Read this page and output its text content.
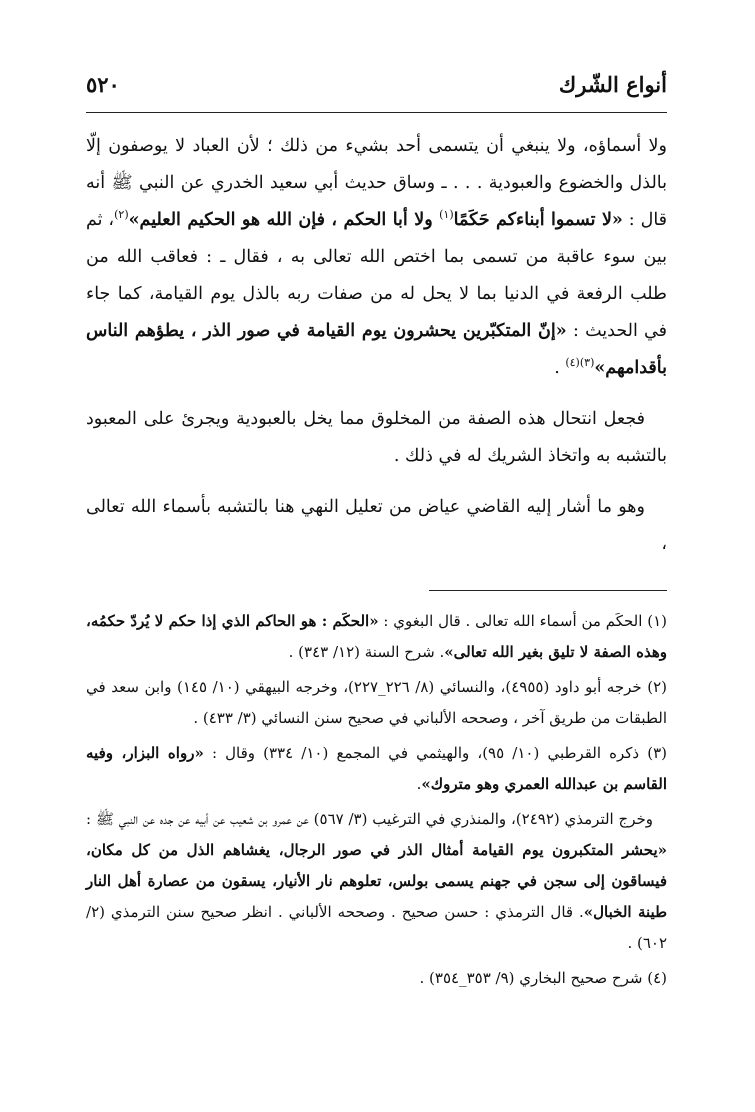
أنواع الشّرك
٥٢٠

ولا أسماؤه، ولا ينبغي أن يتسمى أحد بشيء من ذلك ؛ لأن العباد لا يوصفون إلّا بالذل والخضوع والعبودية . . . ـ وساق حديث أبي سعيد الخدري عن النبي ﷺ أنه قال : «لا تسموا أبناءكم حَكَمًا$^{(١)}$ ولا أبا الحكم ، فإن الله هو الحكيم العليم»$^{(٢)}$، ثم بين سوء عاقبة من تسمى بما اختص الله تعالى به ، فقال ـ : فعاقب الله من طلب الرفعة في الدنيا بما لا يحل له من صفات ربه بالذل يوم القيامة، كما جاء في الحديث : «إنّ المتكبّرين يحشرون يوم القيامة في صور الذر ، يطؤهم الناس بأقدامهم»$^{(٣)(٤)}$ .

فجعل انتحال هذه الصفة من المخلوق مما يخل بالعبودية ويجرئ على المعبود بالتشبه به واتخاذ الشريك له في ذلك .

وهو ما أشار إليه القاضي عياض من تعليل النهي هنا بالتشبه بأسماء الله تعالى ،

(١) الحكَم من أسماء الله تعالى . قال البغوي : «الحكَم : هو الحاكم الذي إذا حكم لا يُردّ حكمُه، وهذه الصفة لا تليق بغير الله تعالى». شرح السنة (١٢/ ٣٤٣) .

(٢) خرجه أبو داود (٤٩٥٥)، والنسائي (٨/ ٢٢٦_٢٢٧)، وخرجه البيهقي (١٠/ ١٤٥) وابن سعد في الطبقات من طريق آخر ، وصححه الألباني في صحيح سنن النسائي (٣/ ٤٣٣) .

(٣) ذكره القرطبي (١٠/ ٩٥)، والهيثمي في المجمع (١٠/ ٣٣٤) وقال : «رواه البزار، وفيه القاسم بن عبدالله العمري وهو متروك».

وخرج الترمذي (٢٤٩٢)، والمنذري في الترغيب (٣/ ٥٦٧) عن عمرو بن شعيب عن أبيه عن جده عن النبي ﷺ : «يحشر المتكبرون يوم القيامة أمثال الذر في صور الرجال، يغشاهم الذل من كل مكان، فيساقون إلى سجن في جهنم يسمى بولس، تعلوهم نار الأنيار، يسقون من عصارة أهل النار طينة الخبال». قال الترمذي : حسن صحيح . وصححه الألباني . انظر صحيح سنن الترمذي (٢/ ٦٠٢) .

(٤) شرح صحيح البخاري (٩/ ٣٥٣_٣٥٤) .
